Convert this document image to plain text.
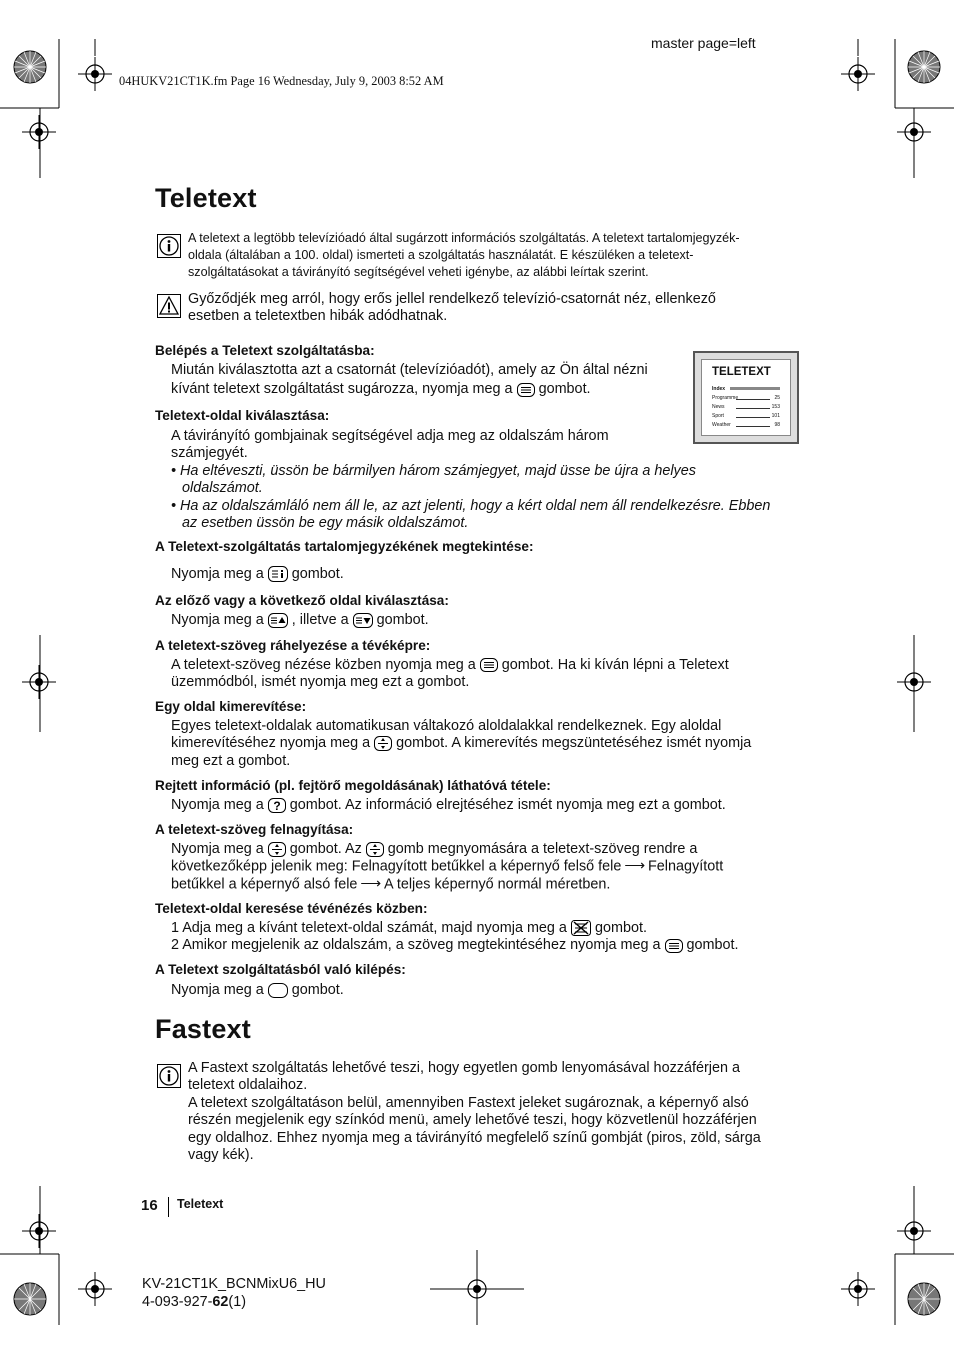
master page=left
04HUKV21CT1K.fm Page 16 Wednesday, July 9, 2003 8:52 AM
Teletext
A teletext a legtöbb televízióadó által sugárzott információs szolgáltatás. A teletext tartalomjegyzék-
oldala (általában a 100. oldal) ismerteti a szolgáltatás használatát. E készüléken a teletext-
szolgáltatásokat a távirányító segítségével veheti igénybe, az alábbi leírtak szerint.
Győződjék meg arról, hogy erős jellel rendelkező televízió-csatornát néz, ellenkező
esetben a teletextben hibák adódhatnak.
TELETEXT
Index
Programme	25
News	153
Sport	101
Weather	98
Belépés a Teletext szolgáltatásba:
Miután kiválasztotta azt a csatornát (televízióadót), amely az Ön által nézni
kívánt teletext szolgáltatást sugározza, nyomja meg a gombot.
Teletext-oldal kiválasztása:
A távirányító gombjainak segítségével adja meg az oldalszám három
számjegyét.
• Ha eltéveszti, üssön be bármilyen három számjegyet, majd üsse be újra a helyes
oldalszámot.
• Ha az oldalszámláló nem áll le, az azt jelenti, hogy a kért oldal nem áll rendelkezésre. Ebben
az esetben üssön be egy másik oldalszámot.
A Teletext-szolgáltatás tartalomjegyzékének megtekintése:
Nyomja meg a gombot.
Az előző vagy a következő oldal kiválasztása:
Nyomja meg a , illetve a gombot.
A teletext-szöveg ráhelyezése a tévéképre:
A teletext-szöveg nézése közben nyomja meg a gombot. Ha ki kíván lépni a Teletext
üzemmódból, ismét nyomja meg ezt a gombot.
Egy oldal kimerevítése:
Egyes teletext-oldalak automatikusan váltakozó aloldalakkal rendelkeznek. Egy aloldal
kimerevítéséhez nyomja meg a gombot. A kimerevítés megszüntetéséhez ismét nyomja
meg ezt a gombot.
Rejtett információ (pl. fejtörő megoldásának) láthatóvá tétele:
Nyomja meg a ? gombot. Az információ elrejtéséhez ismét nyomja meg ezt a gombot.
A teletext-szöveg felnagyítása:
Nyomja meg a gombot. Az gomb megnyomására a teletext-szöveg rendre a
következőképp jelenik meg: Felnagyított betűkkel a képernyő felső fele ⟶ Felnagyított
betűkkel a képernyő alsó fele ⟶ A teljes képernyő normál méretben.
Teletext-oldal keresése tévénézés közben:
1 Adja meg a kívánt teletext-oldal számát, majd nyomja meg a gombot.
2 Amikor megjelenik az oldalszám, a szöveg megtekintéséhez nyomja meg a gombot.
A Teletext szolgáltatásból való kilépés:
Nyomja meg a gombot.
Fastext
A Fastext szolgáltatás lehetővé teszi, hogy egyetlen gomb lenyomásával hozzáférjen a
teletext oldalaihoz.
A teletext szolgáltatáson belül, amennyiben Fastext jeleket sugároznak, a képernyő alsó
részén megjelenik egy színkód menü, amely lehetővé teszi, hogy közvetlenül hozzáférjen
egy oldalhoz. Ehhez nyomja meg a távirányító megfelelő színű gombját (piros, zöld, sárga
vagy kék).
16 Teletext
KV-21CT1K_BCNMixU6_HU
4-093-927-62(1)
